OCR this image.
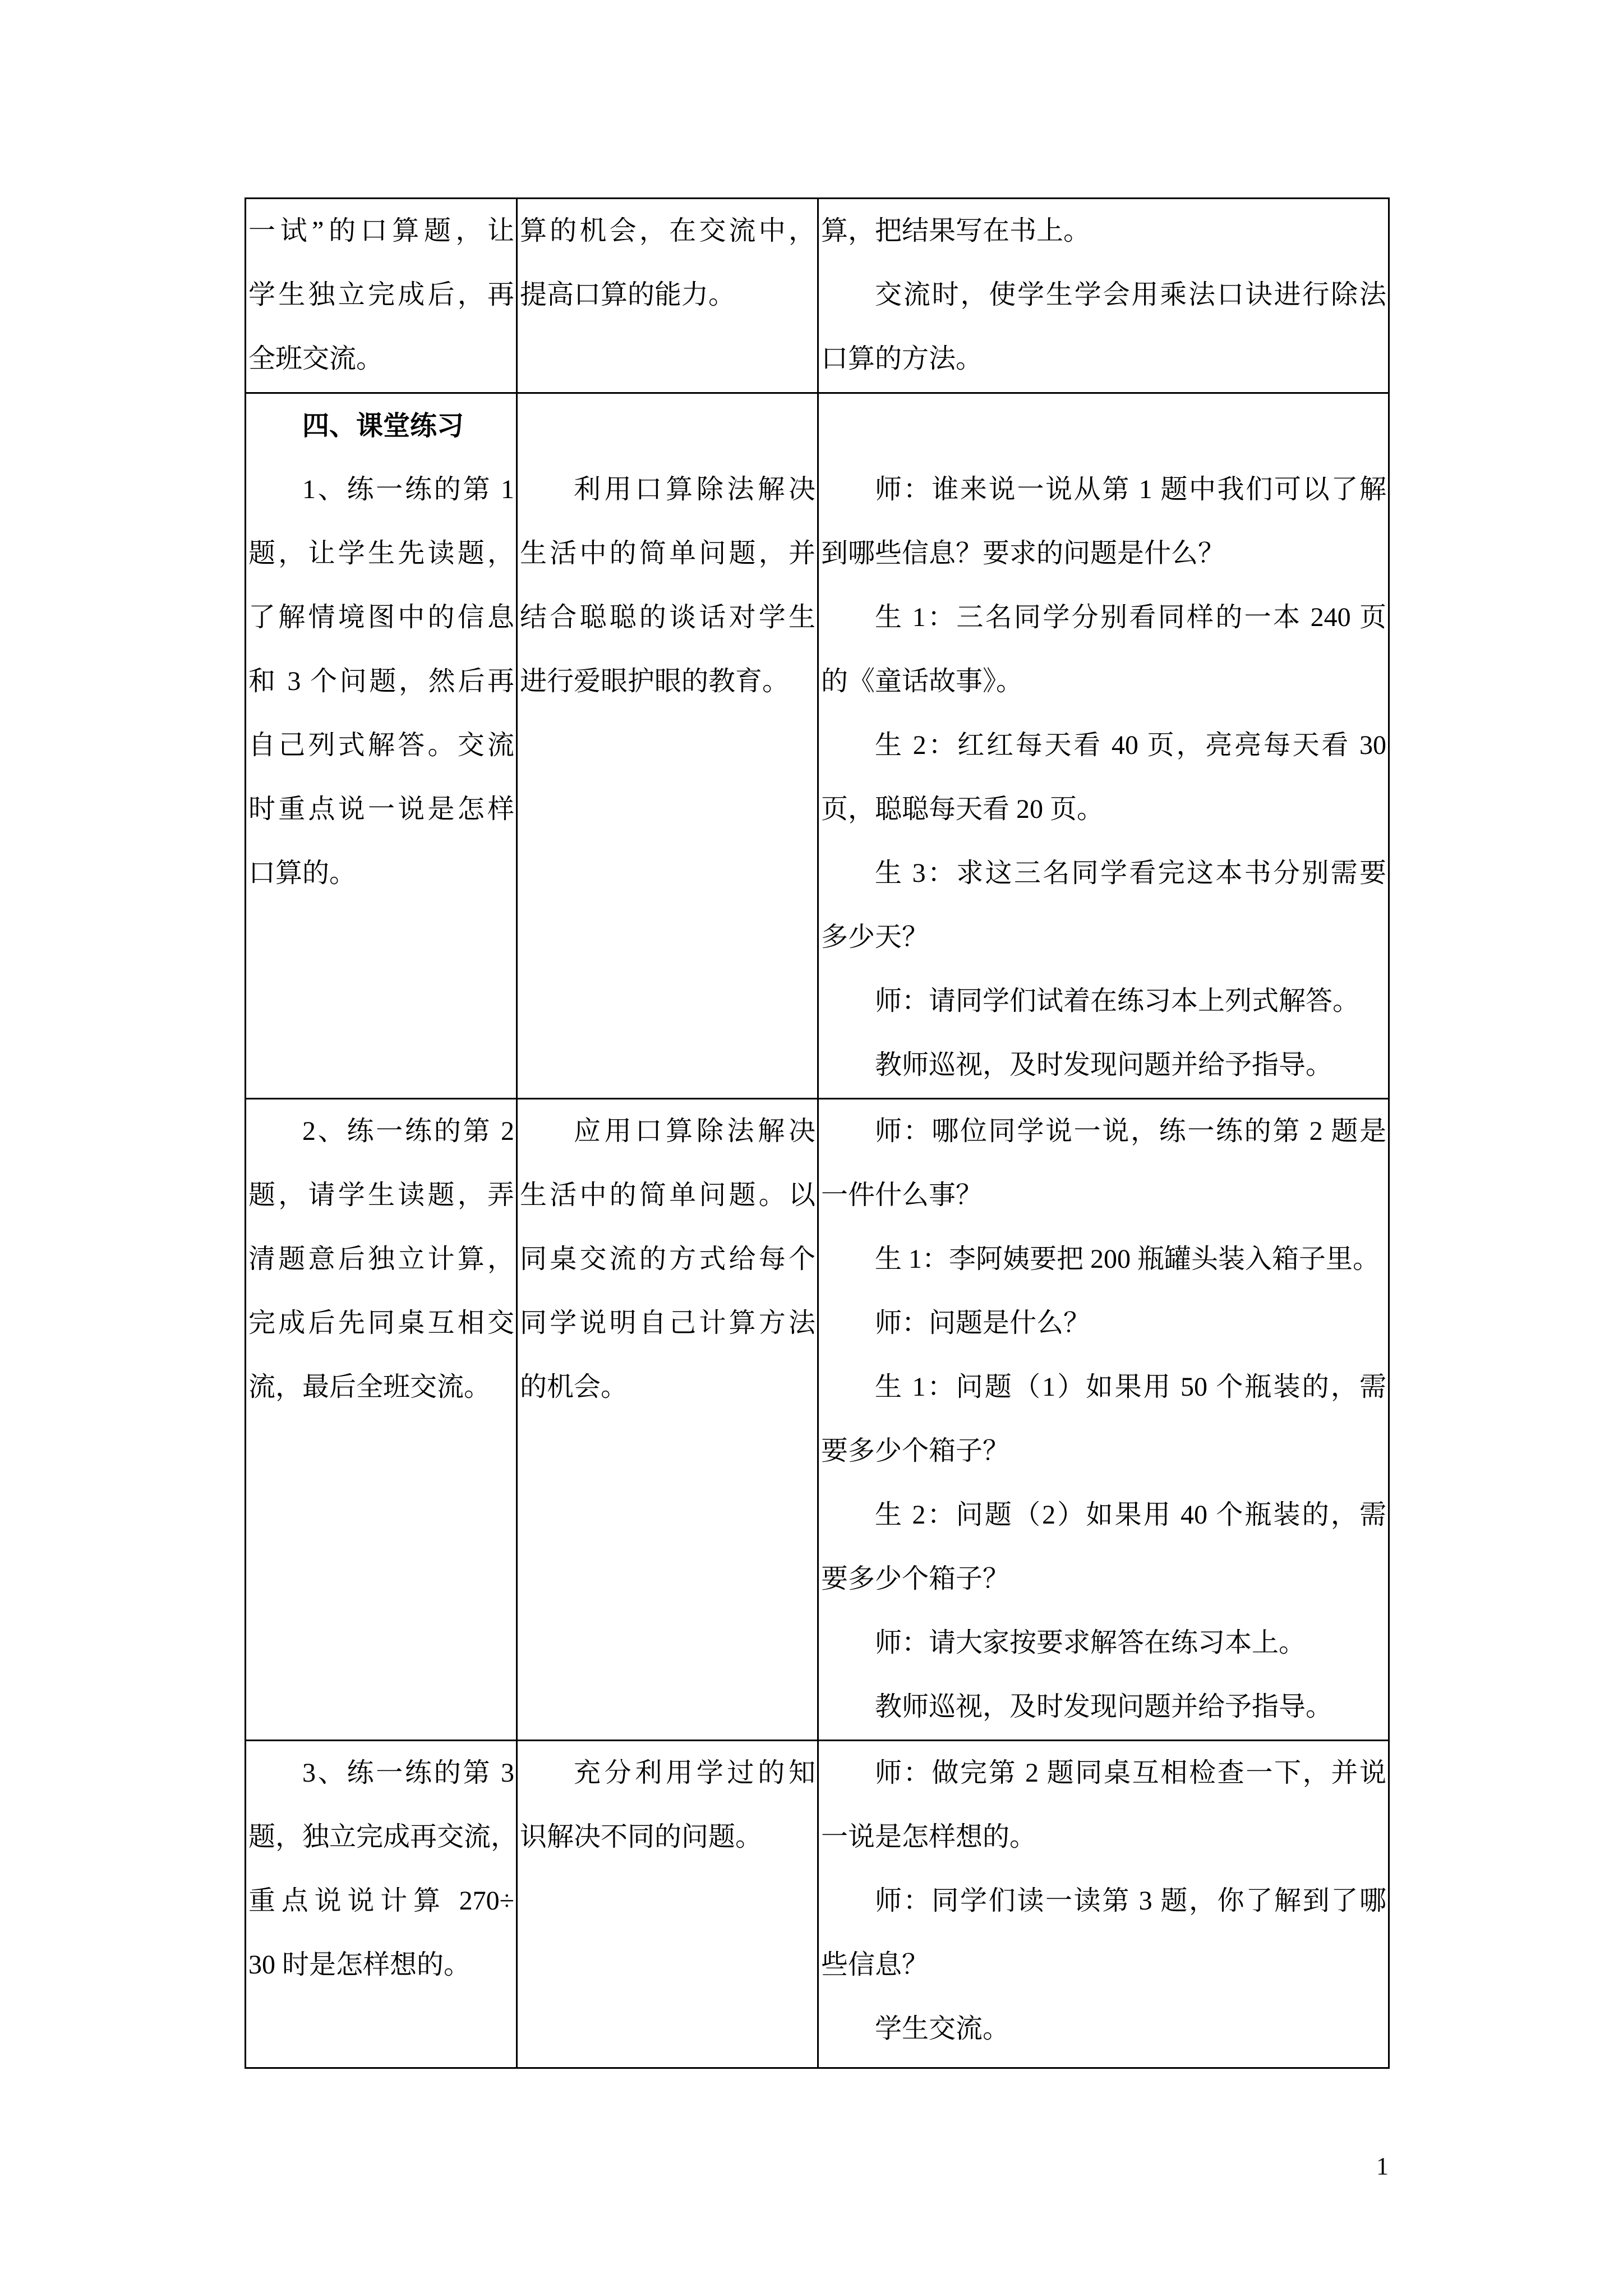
一试”的口算题，让
学生独立完成后，再
全班交流。
算的机会，在交流中，
提高口算的能力。
算，把结果写在书上。
交流时，使学生学会用乘法口诀进行除法
口算的方法。
四、课堂练习
1、练一练的第 1
题，让学生先读题，
了解情境图中的信息
和 3 个问题，然后再
自己列式解答。交流
时重点说一说是怎样
口算的。
利用口算除法解决
生活中的简单问题，并
结合聪聪的谈话对学生
进行爱眼护眼的教育。
师：谁来说一说从第 1 题中我们可以了解
到哪些信息？要求的问题是什么？
生 1：三名同学分别看同样的一本 240 页
的《童话故事》。
生 2：红红每天看 40 页，亮亮每天看 30
页，聪聪每天看 20 页。
生 3：求这三名同学看完这本书分别需要
多少天？
师：请同学们试着在练习本上列式解答。
教师巡视，及时发现问题并给予指导。
2、练一练的第 2
题，请学生读题，弄
清题意后独立计算，
完成后先同桌互相交
流，最后全班交流。
应用口算除法解决
生活中的简单问题。以
同桌交流的方式给每个
同学说明自己计算方法
的机会。
师：哪位同学说一说，练一练的第 2 题是
一件什么事？
生 1：李阿姨要把 200 瓶罐头装入箱子里。
师：问题是什么？
生 1：问题（1）如果用 50 个瓶装的，需
要多少个箱子？
生 2：问题（2）如果用 40 个瓶装的，需
要多少个箱子？
师：请大家按要求解答在练习本上。
教师巡视，及时发现问题并给予指导。
3、练一练的第 3
题，独立完成再交流，
重点说说计算 270÷
30 时是怎样想的。
充分利用学过的知
识解决不同的问题。
师：做完第 2 题同桌互相检查一下，并说
一说是怎样想的。
师：同学们读一读第 3 题，你了解到了哪
些信息？
学生交流。
1
